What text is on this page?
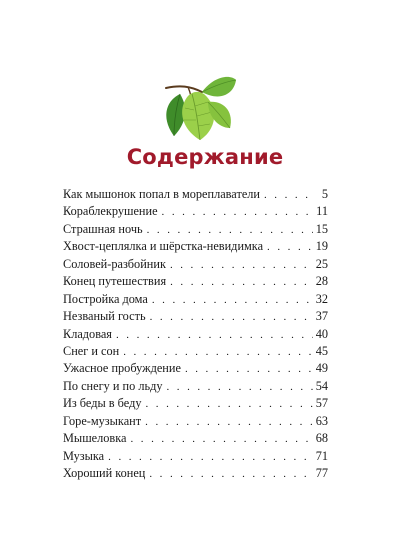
Содержание
Как мышонок попал в мореплаватели . . .	5
Кораблекрушение . . .	11
Страшная ночь . . .	15
Хвост-цеплялка и шёрстка-невидимка . . .	19
Соловей-разбойник . . .	25
Конец путешествия . . .	28
Постройка дома . . .	32
Незваный гость . . .	37
Кладовая . . .	40
Снег и сон . . .	45
Ужасное пробуждение . . .	49
По снегу и по льду . . .	54
Из беды в беду . . .	57
Горе-музыкант . . .	63
Мышеловка . . .	68
Музыка . . .	71
Хороший конец . . .	77
